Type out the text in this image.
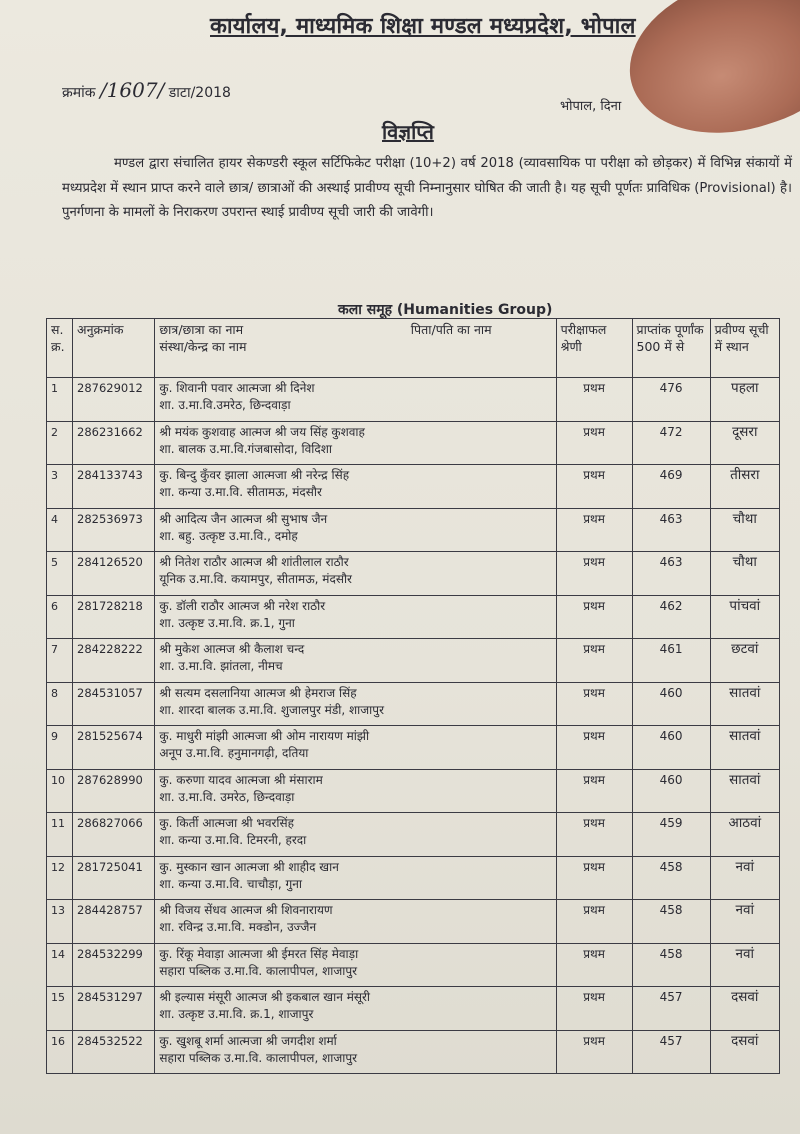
कार्यालय, माध्यमिक शिक्षा मण्डल मध्यप्रदेश, भोपाल
क्रमांक /1607/ डाटा/2018
भोपाल, दिना
विज्ञप्ति
मण्डल द्वारा संचालित हायर सेकण्डरी स्कूल सर्टिफिकेट परीक्षा (10+2) वर्ष 2018 (व्यावसायिक पा परीक्षा को छोड़कर) में विभिन्न संकायों में मध्यप्रदेश में स्थान प्राप्त करने वाले छात्र/ छात्राओं की अस्थाई प्रावीण्य सूची निम्नानुसार घोषित की जाती है। यह सूची पूर्णतः प्राविधिक (Provisional) है। पुनर्गणना के मामलों के निराकरण उपरान्त स्थाई प्रावीण्य सूची जारी की जावेगी।
कला समूह (Humanities Group)
स. क्र.	अनुक्रमांक	छात्र/छात्रा का नाम पिता/पति का नाम
संस्था/केन्द्र का नाम	परीक्षाफल श्रेणी	प्राप्तांक पूर्णांक 500 में से	प्रवीण्य सूची में स्थान
1	287629012	कु. शिवानी पवार आत्मजा श्री दिनेश
शा. उ.मा.वि.उमरेठ, छिन्दवाड़ा	प्रथम	476	पहला
2	286231662	श्री मयंक कुशवाह आत्मज श्री जय सिंह कुशवाह
शा. बालक उ.मा.वि.गंजबासोदा, विदिशा	प्रथम	472	दूसरा
3	284133743	कु. बिन्दु कुँवर झाला आत्मजा श्री नरेन्द्र सिंह
शा. कन्या उ.मा.वि. सीतामऊ, मंदसौर	प्रथम	469	तीसरा
4	282536973	श्री आदित्य जैन आत्मज श्री सुभाष जैन
शा. बहु. उत्कृष्ट उ.मा.वि., दमोह	प्रथम	463	चौथा
5	284126520	श्री नितेश राठौर आत्मज श्री शांतीलाल राठौर
यूनिक उ.मा.वि. कयामपुर, सीतामऊ, मंदसौर	प्रथम	463	चौथा
6	281728218	कु. डॉली राठौर आत्मज श्री नरेश राठौर
शा. उत्कृष्ट उ.मा.वि. क्र.1, गुना	प्रथम	462	पांचवां
7	284228222	श्री मुकेश आत्मज श्री कैलाश चन्द
शा. उ.मा.वि. झांतला, नीमच	प्रथम	461	छटवां
8	284531057	श्री सत्यम दसलानिया आत्मज श्री हेमराज सिंह
शा. शारदा बालक उ.मा.वि. शुजालपुर मंडी, शाजापुर	प्रथम	460	सातवां
9	281525674	कु. माधुरी मांझी आत्मजा श्री ओम नारायण मांझी
अनूप उ.मा.वि. हनुमानगढ़ी, दतिया	प्रथम	460	सातवां
10	287628990	कु. करुणा यादव आत्मजा श्री मंसाराम
शा. उ.मा.वि. उमरेठ, छिन्दवाड़ा	प्रथम	460	सातवां
11	286827066	कु. किर्ती आत्मजा श्री भवरसिंह
शा. कन्या उ.मा.वि. टिमरनी, हरदा	प्रथम	459	आठवां
12	281725041	कु. मुस्कान खान आत्मजा श्री शाहीद खान
शा. कन्या उ.मा.वि. चाचौड़ा, गुना	प्रथम	458	नवां
13	284428757	श्री विजय सेंधव आत्मज श्री शिवनारायण
शा. रविन्द्र उ.मा.वि. मक्डोन, उज्जैन	प्रथम	458	नवां
14	284532299	कु. रिंकू मेवाड़ा आत्मजा श्री ईमरत सिंह मेवाड़ा
सहारा पब्लिक उ.मा.वि. कालापीपल, शाजापुर	प्रथम	458	नवां
15	284531297	श्री इल्यास मंसूरी आत्मज श्री इकबाल खान मंसूरी
शा. उत्कृष्ट उ.मा.वि. क्र.1, शाजापुर	प्रथम	457	दसवां
16	284532522	कु. खुशबू शर्मा आत्मजा श्री जगदीश शर्मा
सहारा पब्लिक उ.मा.वि. कालापीपल, शाजापुर	प्रथम	457	दसवां
